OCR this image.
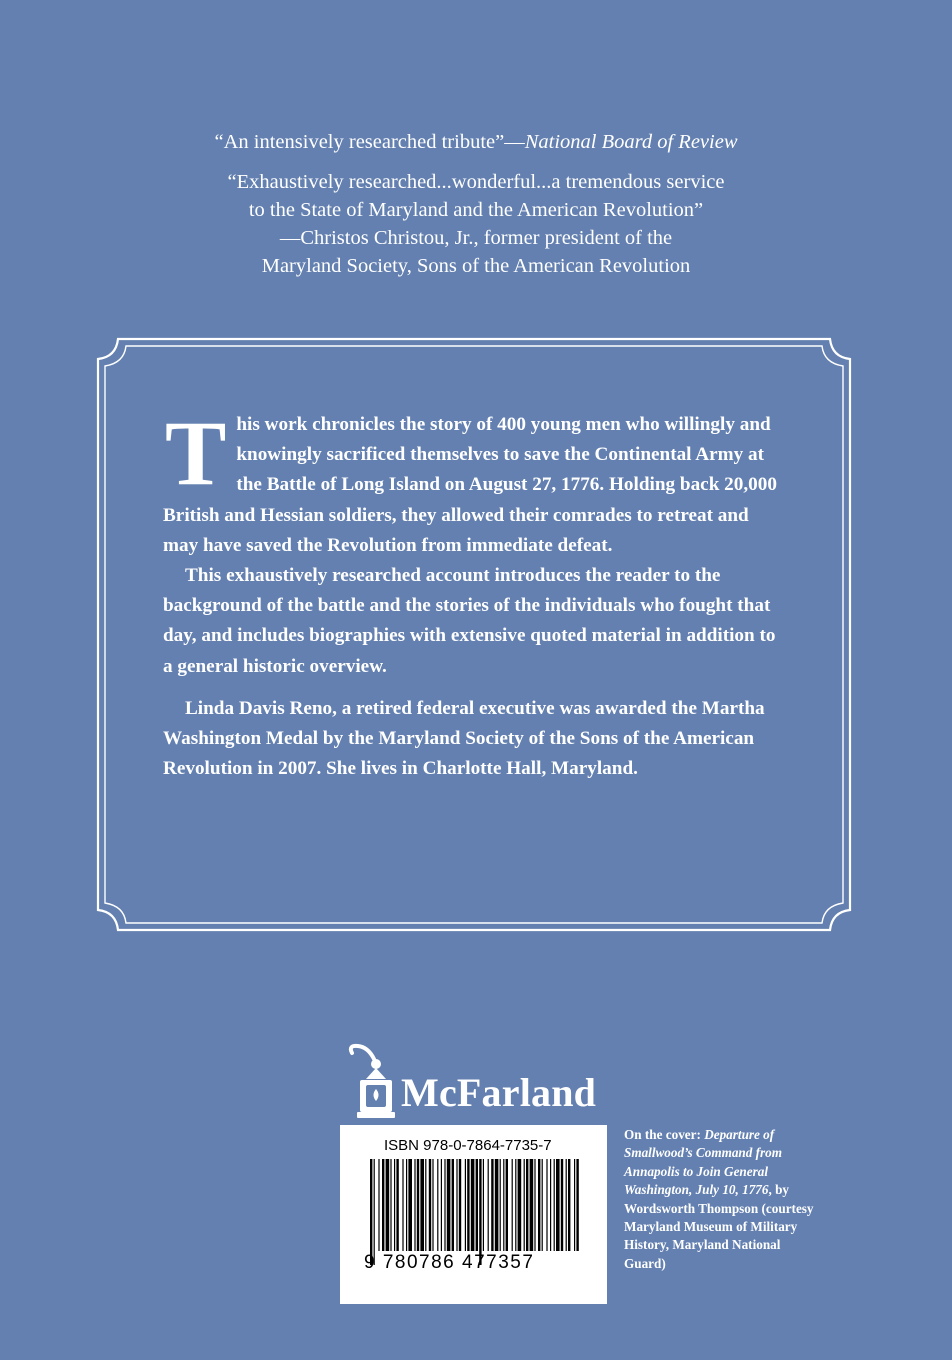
“An intensively researched tribute”—National Board of Review

“Exhaustively researched...wonderful...a tremendous service
to the State of Maryland and the American Revolution”
—Christos Christou, Jr., former president of the
Maryland Society, Sons of the American Revolution

This work chronicles the story of 400 young men who willingly and knowingly sacrificed themselves to save the Continental Army at the Battle of Long Island on August 27, 1776. Holding back 20,000 British and Hessian soldiers, they allowed their comrades to retreat and may have saved the Revolution from immediate defeat.

This exhaustively researched account introduces the reader to the background of the battle and the stories of the individuals who fought that day, and includes biographies with extensive quoted material in addition to a general historic overview.

Linda Davis Reno, a retired federal executive was awarded the Martha Washington Medal by the Maryland Society of the Sons of the American Revolution in 2007. She lives in Charlotte Hall, Maryland.

McFarland
ISBN 978-0-7864-7735-7
9 780786 477357
On the cover: Departure of Smallwood’s Command from Annapolis to Join General Washington, July 10, 1776, by Wordsworth Thompson (courtesy Maryland Museum of Military History, Maryland National Guard)
